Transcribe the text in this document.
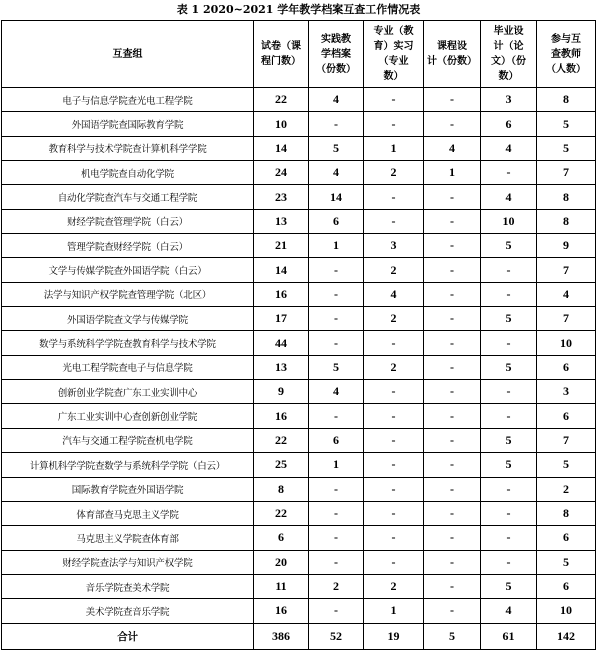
表 1 2020~2021 学年教学档案互查工作情况表
互查组	试卷（课
程门数）	实践教
学档案
（份数）	专业（教
育）实习
（专业
数）	课程设
计（份数）	毕业设
计（论
文）（份
数）	参与互
查教师
（人数）

电子与信息学院查光电工程学院	22	4	-	-	3	8
外国语学院查国际教育学院	10	-	-	-	6	5
教育科学与技术学院查计算机科学学院	14	5	1	4	4	5
机电学院查自动化学院	24	4	2	1	-	7
自动化学院查汽车与交通工程学院	23	14	-	-	4	8
财经学院查管理学院（白云）	13	6	-	-	10	8
管理学院查财经学院（白云）	21	1	3	-	5	9
文学与传媒学院查外国语学院（白云）	14	-	2	-	-	7
法学与知识产权学院查管理学院（北区）	16	-	4	-	-	4
外国语学院查文学与传媒学院	17	-	2	-	5	7
数学与系统科学学院查教育科学与技术学院	44	-	-	-	-	10
光电工程学院查电子与信息学院	13	5	2	-	5	6
创新创业学院查广东工业实训中心	9	4	-	-	-	3
广东工业实训中心查创新创业学院	16	-	-	-	-	6
汽车与交通工程学院查机电学院	22	6	-	-	5	7
计算机科学学院查数学与系统科学学院（白云）	25	1	-	-	5	5
国际教育学院查外国语学院	8	-	-	-	-	2
体育部查马克思主义学院	22	-	-	-	-	8
马克思主义学院查体育部	6	-	-	-	-	6
财经学院查法学与知识产权学院	20	-	-	-	-	5
音乐学院查美术学院	11	2	2	-	5	6
美术学院查音乐学院	16	-	1	-	4	10
合计	386	52	19	5	61	142
